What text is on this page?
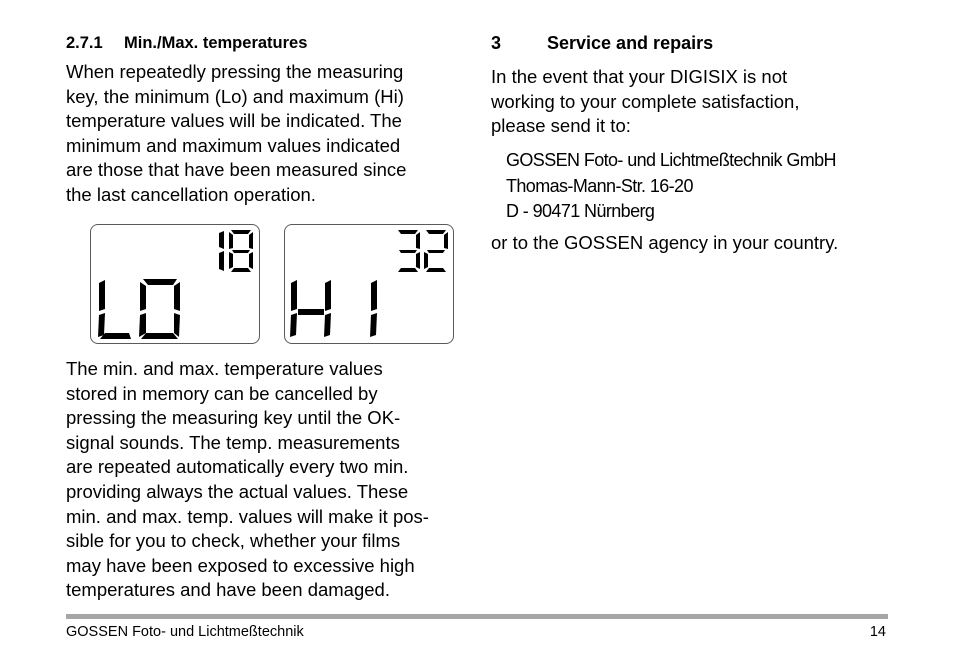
2.7.1 Min./Max. temperatures

When repeatedly pressing the measuring
key, the minimum (Lo) and maximum (Hi)
temperature values will be indicated. The
minimum and maximum values indicated
are those that have been measured since
the last cancellation operation.

The min. and max. temperature values
stored in memory can be cancelled by
pressing the measuring key until the OK-
signal sounds. The temp. measurements
are repeated automatically every two min.
providing always the actual values. These
min. and max. temp. values will make it pos-
sible for you to check, whether your films
may have been exposed to excessive high
temperatures and have been damaged.

3	Service and repairs

In the event that your DIGISIX is not
working to your complete satisfaction,
please send it to:

GOSSEN Foto- und Lichtmeßtechnik GmbH
Thomas-Mann-Str. 16-20
D - 90471 Nürnberg

or to the GOSSEN agency in your country.

GOSSEN Foto- und Lichtmeßtechnik	14
